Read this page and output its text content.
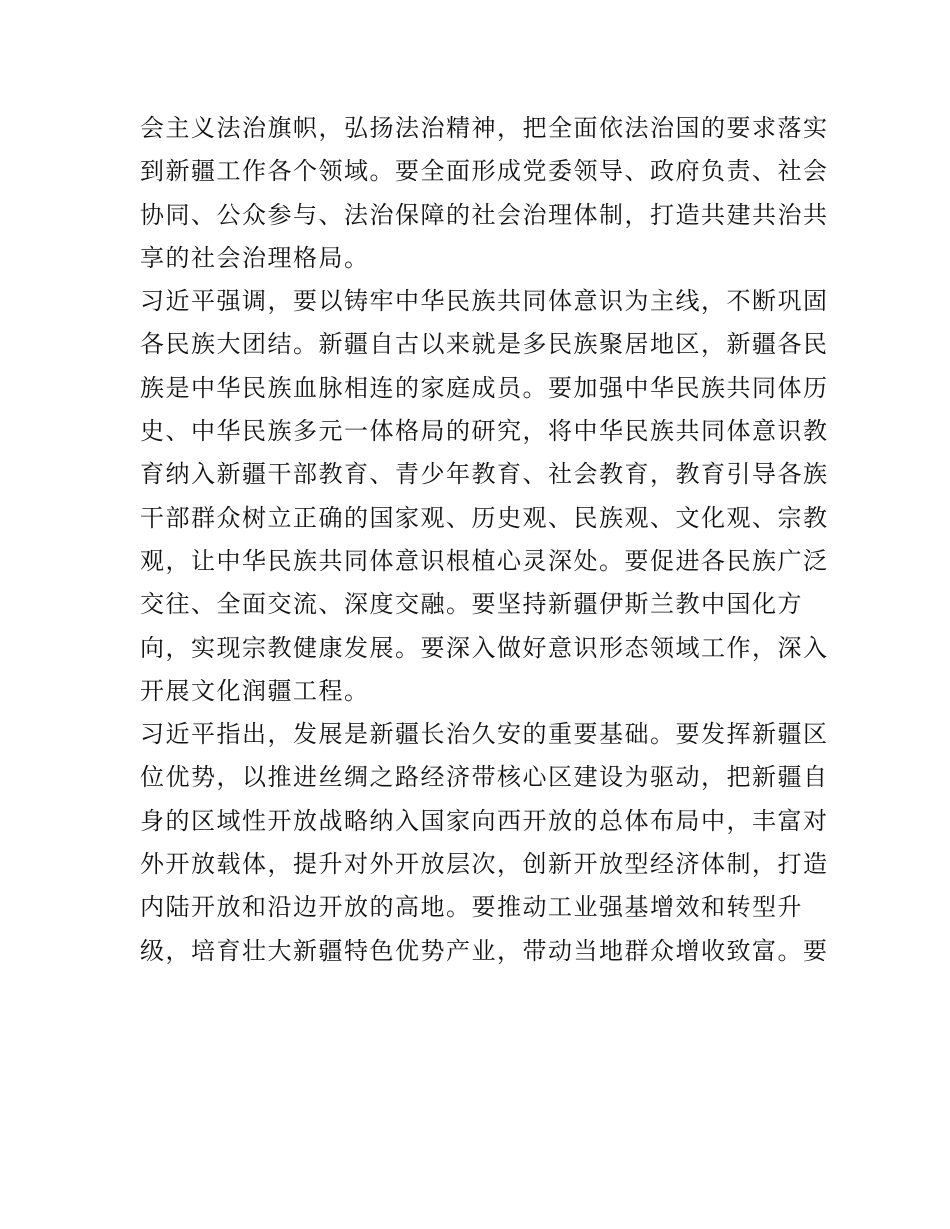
会主义法治旗帜，弘扬法治精神，把全面依法治国的要求落实
到新疆工作各个领域。要全面形成党委领导、政府负责、社会
协同、公众参与、法治保障的社会治理体制，打造共建共治共
享的社会治理格局。
习近平强调，要以铸牢中华民族共同体意识为主线，不断巩固
各民族大团结。新疆自古以来就是多民族聚居地区，新疆各民
族是中华民族血脉相连的家庭成员。要加强中华民族共同体历
史、中华民族多元一体格局的研究，将中华民族共同体意识教
育纳入新疆干部教育、青少年教育、社会教育，教育引导各族
干部群众树立正确的国家观、历史观、民族观、文化观、宗教
观，让中华民族共同体意识根植心灵深处。要促进各民族广泛
交往、全面交流、深度交融。要坚持新疆伊斯兰教中国化方
向，实现宗教健康发展。要深入做好意识形态领域工作，深入
开展文化润疆工程。
习近平指出，发展是新疆长治久安的重要基础。要发挥新疆区
位优势，以推进丝绸之路经济带核心区建设为驱动，把新疆自
身的区域性开放战略纳入国家向西开放的总体布局中，丰富对
外开放载体，提升对外开放层次，创新开放型经济体制，打造
内陆开放和沿边开放的高地。要推动工业强基增效和转型升
级，培育壮大新疆特色优势产业，带动当地群众增收致富。要
